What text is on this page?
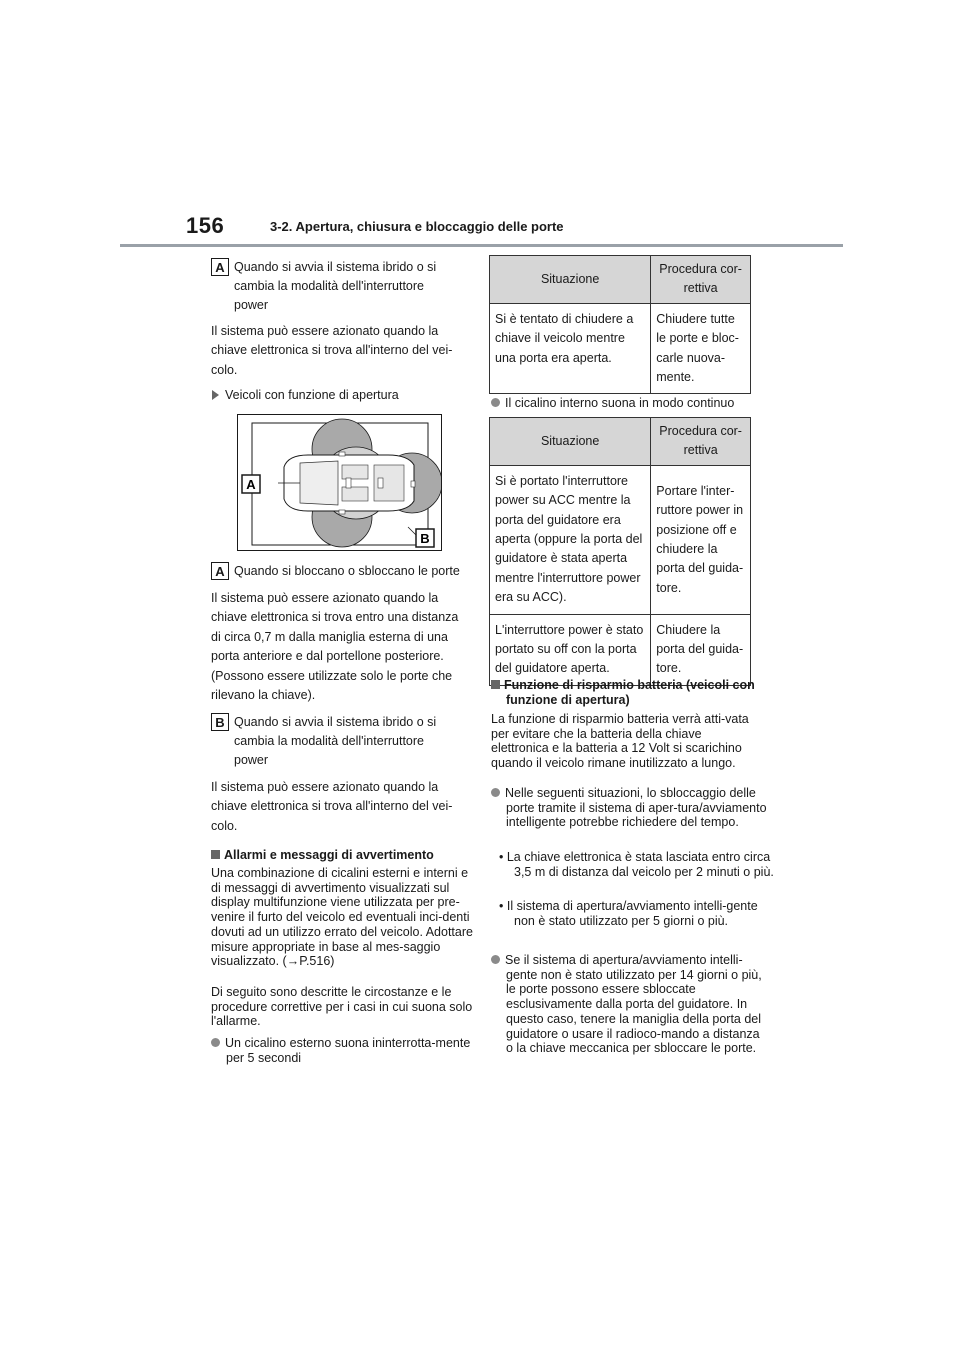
156	3-2. Apertura, chiusura e bloccaggio delle porte
A Quando si avvia il sistema ibrido o si
cambia la modalità dell'interruttore
power
Il sistema può essere azionato quando la
chiave elettronica si trova all'interno del vei-
colo.
Veicoli con funzione di apertura
A
B
A Quando si bloccano o sbloccano le porte
Il sistema può essere azionato quando la
chiave elettronica si trova entro una distanza
di circa 0,7 m dalla maniglia esterna di una
porta anteriore e dal portellone posteriore.
(Possono essere utilizzate solo le porte che
rilevano la chiave).
B Quando si avvia il sistema ibrido o si
cambia la modalità dell'interruttore
power
Il sistema può essere azionato quando la
chiave elettronica si trova all'interno del vei-
colo.
Allarmi e messaggi di avvertimento
Una combinazione di cicalini esterni e interni e di messaggi di avvertimento visualizzati sul display multifunzione viene utilizzata per pre-venire il furto del veicolo ed eventuali inci-denti dovuti ad un utilizzo errato del veicolo. Adottare misure appropriate in base al mes-saggio visualizzato. (→P.516)
Di seguito sono descritte le circostanze e le procedure correttive per i casi in cui suona solo l'allarme.
Un cicalino esterno suona ininterrotta-mente per 5 secondi
Situazione	Procedura cor-rettiva
Si è tentato di chiudere a chiave il veicolo mentre una porta era aperta.	Chiudere tutte le porte e bloc-carle nuova-mente.
Il cicalino interno suona in modo continuo
Situazione	Procedura cor-rettiva
Si è portato l'interruttore power su ACC mentre la porta del guidatore era aperta (oppure la porta del guidatore è stata aperta mentre l'interruttore power era su ACC).	Portare l'inter-ruttore power in posizione off e chiudere la porta del guida-tore.
L'interruttore power è stato portato su off con la porta del guidatore aperta.	Chiudere la porta del guida-tore.
Funzione di risparmio batteria (veicoli con funzione di apertura)
La funzione di risparmio batteria verrà atti-vata per evitare che la batteria della chiave elettronica e la batteria a 12 Volt si scarichino quando il veicolo rimane inutilizzato a lungo.
Nelle seguenti situazioni, lo sbloccaggio delle porte tramite il sistema di aper-tura/avviamento intelligente potrebbe richiedere del tempo.
• La chiave elettronica è stata lasciata entro circa 3,5 m di distanza dal veicolo per 2 minuti o più.
• Il sistema di apertura/avviamento intelli-gente non è stato utilizzato per 5 giorni o più.
Se il sistema di apertura/avviamento intelli-gente non è stato utilizzato per 14 giorni o più, le porte possono essere sbloccate esclusivamente dalla porta del guidatore. In questo caso, tenere la maniglia della porta del guidatore o usare il radioco-mando a distanza o la chiave meccanica per sbloccare le porte.
